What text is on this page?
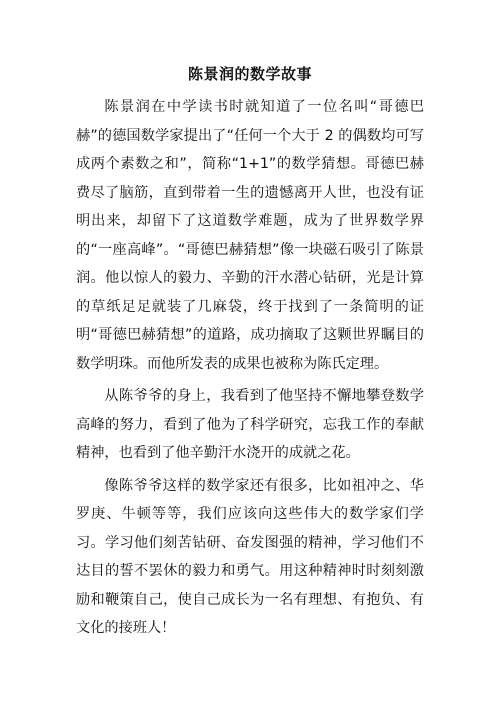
陈景润的数学故事

陈景润在中学读书时就知道了一位名叫“哥德巴赫”的德国数学家提出了“任何一个大于 2 的偶数均可写成两个素数之和”，简称“1+1”的数学猜想。哥德巴赫费尽了脑筋，直到带着一生的遗憾离开人世，也没有证明出来，却留下了这道数学难题，成为了世界数学界的“一座高峰”。“哥德巴赫猜想”像一块磁石吸引了陈景润。他以惊人的毅力、辛勤的汗水潜心钻研，光是计算的草纸足足就装了几麻袋，终于找到了一条简明的证明“哥德巴赫猜想”的道路，成功摘取了这颗世界瞩目的数学明珠。而他所发表的成果也被称为陈氏定理。

从陈爷爷的身上，我看到了他坚持不懈地攀登数学高峰的努力，看到了他为了科学研究，忘我工作的奉献精神，也看到了他辛勤汗水浇开的成就之花。

像陈爷爷这样的数学家还有很多，比如祖冲之、华罗庚、牛顿等等，我们应该向这些伟大的数学家们学习。学习他们刻苦钻研、奋发图强的精神，学习他们不达目的誓不罢休的毅力和勇气。用这种精神时时刻刻激励和鞭策自己，使自己成长为一名有理想、有抱负、有文化的接班人！
